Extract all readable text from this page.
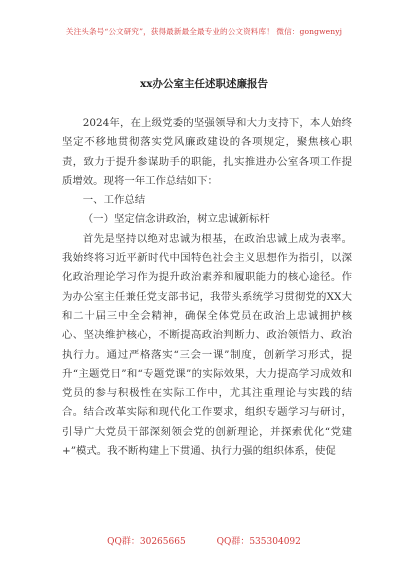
关注头条号“公文研究”，获得最新最全最专业的公文资料库！ 微信：gongwenyj
xx办公室主任述职述廉报告

2024年，在上级党委的坚强领导和大力支持下，本人始终坚定不移地贯彻落实党风廉政建设的各项规定，聚焦核心职责，致力于提升参谋助手的职能，扎实推进办公室各项工作提质增效。现将一年工作总结如下：

一、工作总结

（一）坚定信念讲政治，树立忠诚新标杆

首先是坚持以绝对忠诚为根基，在政治忠诚上成为表率。我始终将习近平新时代中国特色社会主义思想作为指引，以深化政治理论学习作为提升政治素养和履职能力的核心途径。作为办公室主任兼任党支部书记，我带头系统学习贯彻党的XX大和二十届三中全会精神，确保全体党员在政治上忠诚拥护核心、坚决维护核心，不断提高政治判断力、政治领悟力、政治执行力。通过严格落实“三会一课”制度，创新学习形式，提升“主题党日”和“专题党课”的实际效果，大力提高学习成效和党员的参与积极性在实际工作中，尤其注重理论与实践的结合。结合改革实际和现代化工作要求，组织专题学习与研讨，引导广大党员干部深刻领会党的创新理论，并探索优化“党建+”模式。我不断构建上下贯通、执行力强的组织体系，使促

QQ群：30265665	QQ群：535304092
